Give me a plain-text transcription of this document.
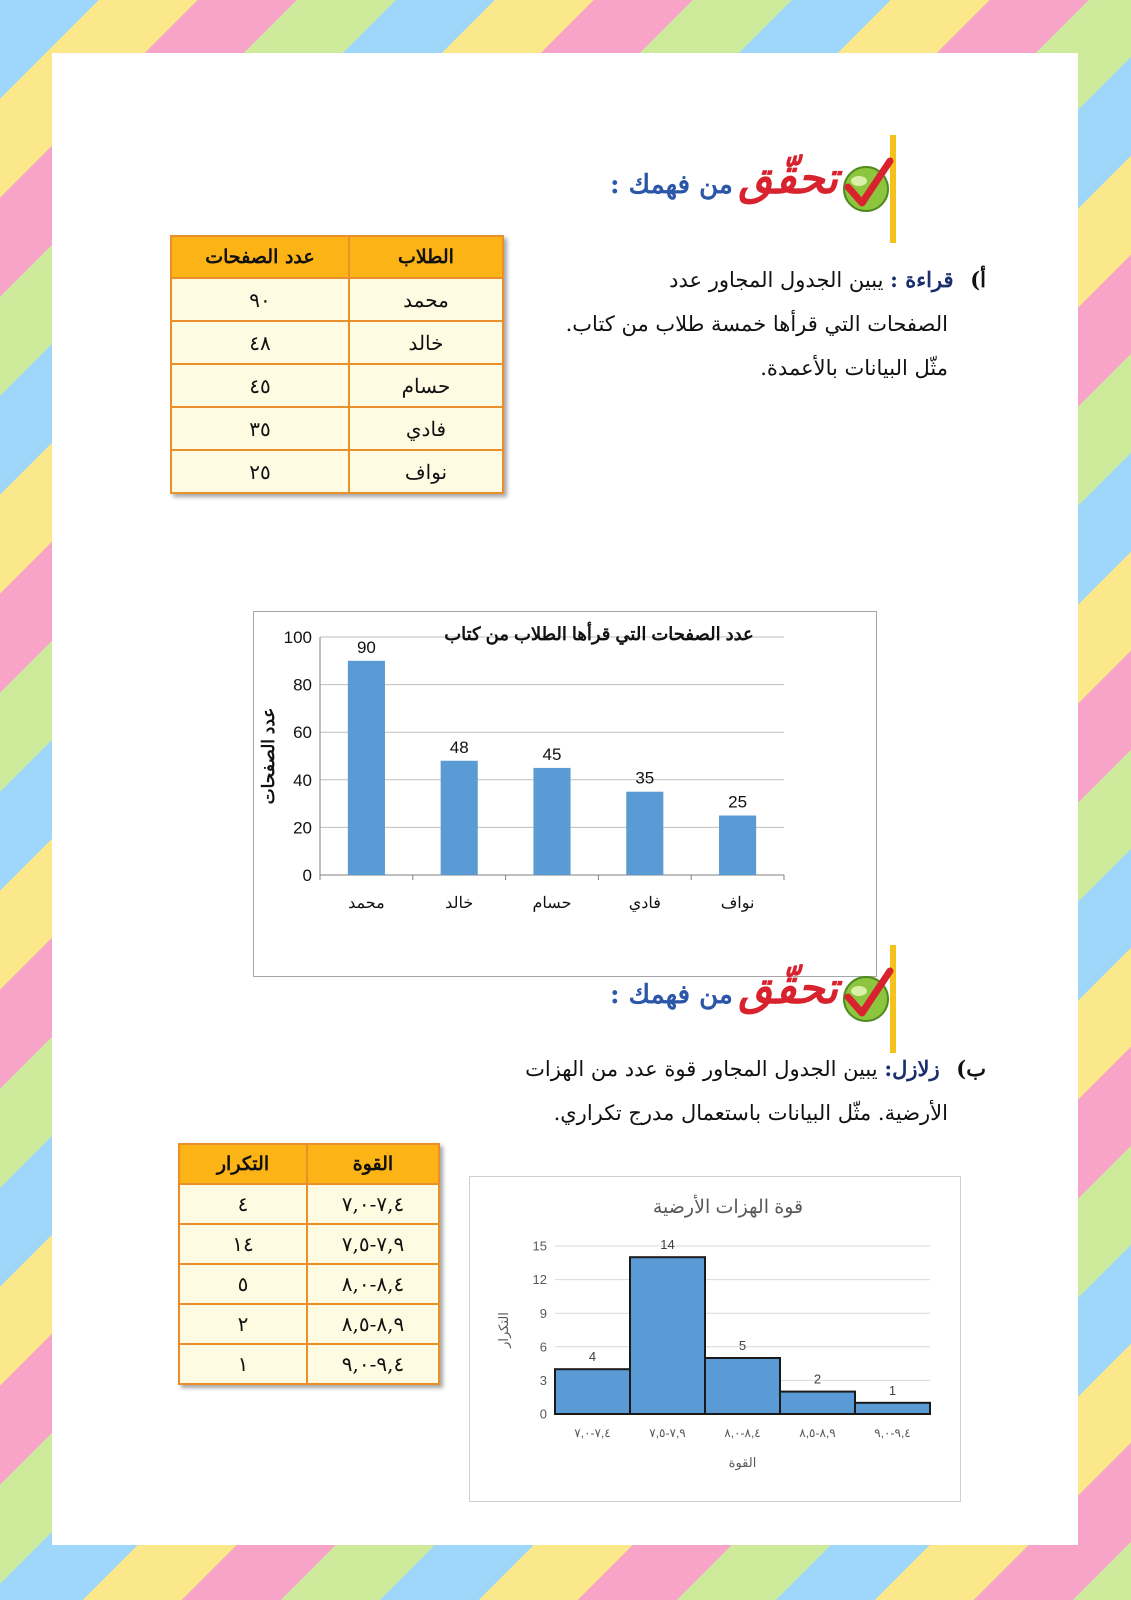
تحقّق من فهمك :
أ) قراءة : يبين الجدول المجاور عدد
الصفحات التي قرأها خمسة طلاب من كتاب.
مثّل البيانات بالأعمدة.
الطلاب	عدد الصفحات
محمد	٩٠
خالد	٤٨
حسام	٤٥
فادي	٣٥
نواف	٢٥
0
20
40
60
80
100
90
محمد
48
خالد
45
حسام
35
فادي
25
نواف
عدد الصفحات التي قرأها الطلاب من كتاب
عدد الصفحات
تحقّق من فهمك :
ب) زلازل: يبين الجدول المجاور قوة عدد من الهزات
الأرضية. مثّل البيانات باستعمال مدرج تكراري.
القوة	التكرار
٧,٤-٧,٠	٤
٧,٩-٧,٥	١٤
٨,٤-٨,٠	٥
٨,٩-٨,٥	٢
٩,٤-٩,٠	١
0
3
6
9
12
15
4
٧,٤-٧,٠
14
٧,٩-٧,٥
5
٨,٤-٨,٠
2
٨,٩-٨,٥
1
٩,٤-٩,٠
قوة الهزات الأرضية
التكرار
القوة
